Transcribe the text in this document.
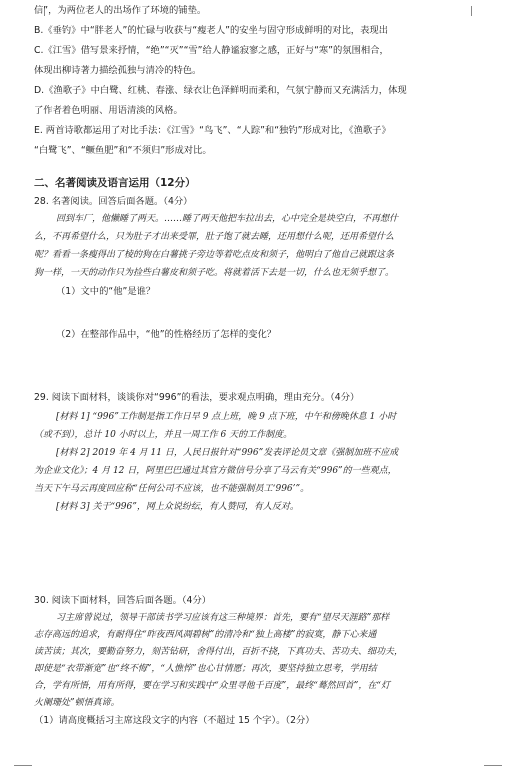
信”，为两位老人的出场作了环境的铺垫。
B.《垂钓》中“胖老人”的忙碌与收获与“瘦老人”的安坐与固守形成鲜明的对比，表现出
C.《江雪》借写景来抒情，“绝”“灭”“雪”给人静谧寂寥之感，正好与“寒”的氛围相合，
体现出柳诗著力描绘孤独与清冷的特色。
D.《渔歌子》中白鹭、红桃、春涨、绿衣让色泽鲜明而柔和，气氛宁静而又充满活力，体现
了作者着色明丽、用语清淡的风格。
E. 两首诗歌都运用了对比手法：《江雪》“鸟飞”、“人踪”和“独钓”形成对比，《渔歌子》
“白鹭飞”、“鳜鱼肥”和“不须归”形成对比。
二、名著阅读及语言运用（12分）
28. 名著阅读。回答后面各题。（4分）
回到车厂，他懒睡了两天。……睡了两天他把车拉出去，心中完全是块空白，不再想什
么，不再希望什么，只为肚子才出来受罪，肚子饱了就去睡，还用想什么呢，还用希望什么
呢？看看一条瘦得出了棱的狗在白薯挑子旁边等着吃点皮和须子，他明白了他自己就跟这条
狗一样，一天的动作只为捡些白薯皮和须子吃。将就着活下去是一切，什么也无须乎想了。
（1）文中的“他”是谁？
（2）在整部作品中，“他”的性格经历了怎样的变化？
29. 阅读下面材料，谈谈你对“996”的看法，要求观点明确，理由充分。（4分）
[材料 1] “996”工作制是指工作日早 9 点上班，晚 9 点下班，中午和傍晚休息 1 小时
（或不到），总计 10 小时以上，并且一周工作 6 天的工作制度。
[材料 2] 2019 年 4 月 11 日，人民日报针对“996”发表评论员文章《强制加班不应成
为企业文化》；4 月 12 日，阿里巴巴通过其官方微信号分享了马云有关“996”的一些观点，
当天下午马云再度回应称“任何公司不应该，也不能强制员工‘996’”。
[材料 3] 关于“996”，网上众说纷纭，有人赞同，有人反对。
30. 阅读下面材料，回答后面各题。（4分）
习主席曾说过，领导干部读书学习应该有这三种境界：首先，要有“望尽天涯路”那样
志存高远的追求，有耐得住“昨夜西风凋碧树”的清冷和“独上高楼”的寂寞，静下心来通
读苦读；其次，要勤奋努力，刻苦钻研，舍得付出，百折不挠，下真功夫、苦功夫、细功夫，
即使是“衣带渐宽”也“终不悔”，“人憔悴”也心甘情愿；再次，要坚持独立思考，学用结
合，学有所悟，用有所得，要在学习和实践中“众里寻他千百度”，最终“蓦然回首”，在“灯
火阑珊处”顿悟真谛。
（1）请高度概括习主席这段文字的内容（不超过 15 个字）。（2分）
